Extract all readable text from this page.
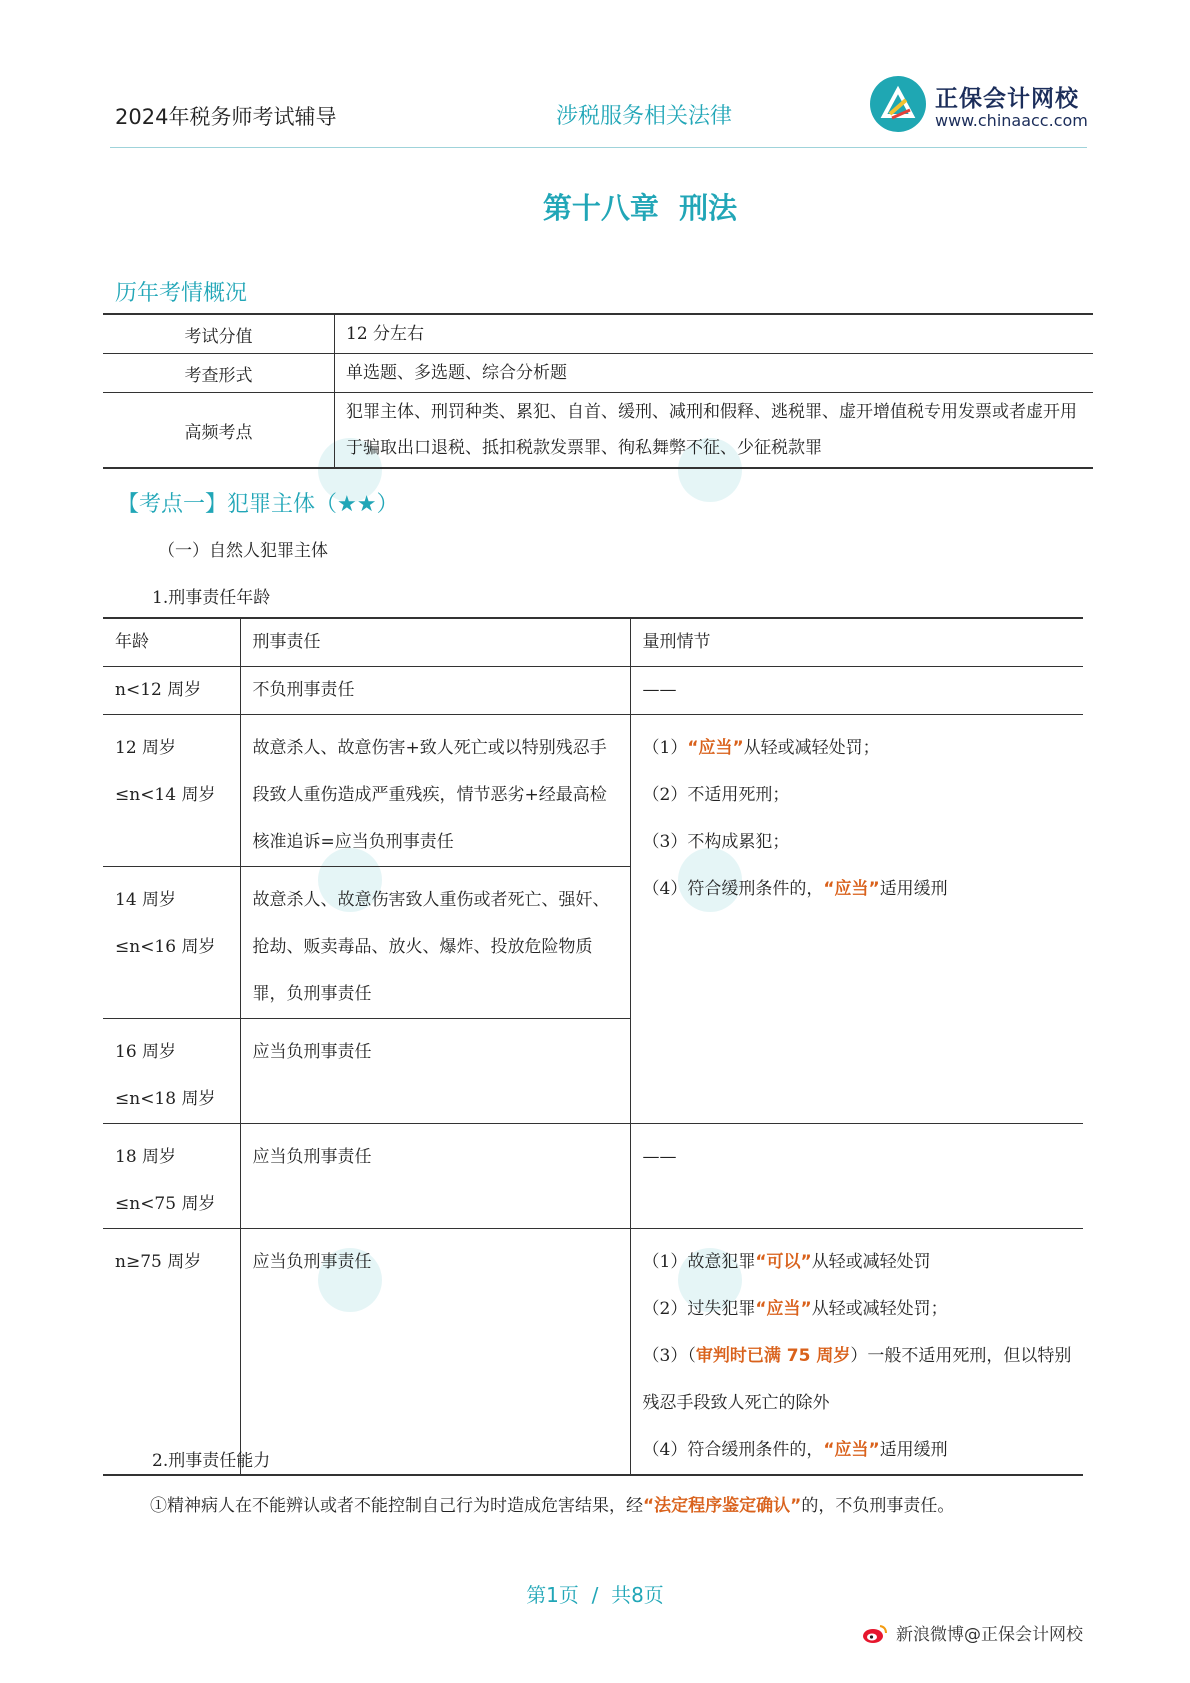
2024年税务师考试辅导	涉税服务相关法律
正保会计网校
www.chinaacc.com
第十八章  刑法
历年考情概况
考试分值	12 分左右
考查形式	单选题、多选题、综合分析题
高频考点	犯罪主体、刑罚种类、累犯、自首、缓刑、减刑和假释、逃税罪、虚开增值税专用发票或者虚开用于骗取出口退税、抵扣税款发票罪、徇私舞弊不征、少征税款罪
【考点一】犯罪主体（★★）
（一）自然人犯罪主体
1.刑事责任年龄
年龄	刑事责任	量刑情节
n<12 周岁	不负刑事责任	——
12 周岁≤n<14 周岁	故意杀人、故意伤害+致人死亡或以特别残忍手段致人重伤造成严重残疾，情节恶劣+经最高检核准追诉=应当负刑事责任	（1）“应当”从轻或减轻处罚；
（2）不适用死刑；
（3）不构成累犯；
（4）符合缓刑条件的，“应当”适用缓刑

14 周岁≤n<16 周岁	故意杀人、故意伤害致人重伤或者死亡、强奸、抢劫、贩卖毒品、放火、爆炸、投放危险物质罪，负刑事责任	
16 周岁≤n<18 周岁	应当负刑事责任	
18 周岁≤n<75 周岁	应当负刑事责任	——
n≥75 周岁	应当负刑事责任	（1）故意犯罪“可以”从轻或减轻处罚
（2）过失犯罪“应当”从轻或减轻处罚；
（3）（审判时已满 75 周岁）一般不适用死刑，但以特别残忍手段致人死亡的除外
（4）符合缓刑条件的，“应当”适用缓刑
2.刑事责任能力
①精神病人在不能辨认或者不能控制自己行为时造成危害结果，经“法定程序鉴定确认”的，不负刑事责任。
第1页  /  共8页
新浪微博@正保会计网校
